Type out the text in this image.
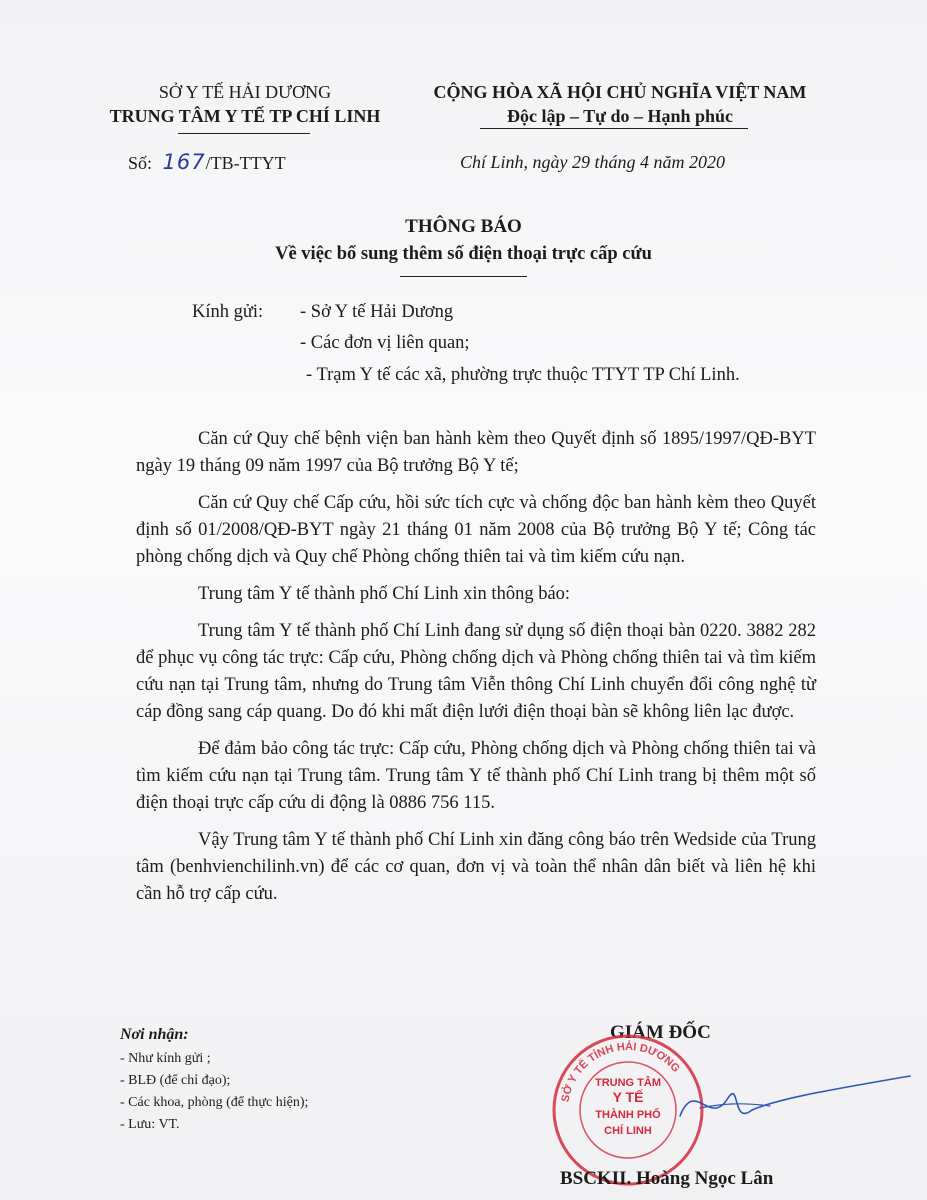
SỞ Y TẾ HẢI DƯƠNG
TRUNG TÂM Y TẾ TP CHÍ LINH
Số: 167/TB-TTYT
CỘNG HÒA XÃ HỘI CHỦ NGHĨA VIỆT NAM
Độc lập – Tự do – Hạnh phúc
Chí Linh, ngày 29 tháng 4 năm 2020
THÔNG BÁO
Về việc bổ sung thêm số điện thoại trực cấp cứu
Kính gửi: - Sở Y tế Hải Dương
- Các đơn vị liên quan;
- Trạm Y tế các xã, phường trực thuộc TTYT TP Chí Linh.

Căn cứ Quy chế bệnh viện ban hành kèm theo Quyết định số 1895/1997/QĐ-BYT ngày 19 tháng 09 năm 1997 của Bộ trưởng Bộ Y tế;

Căn cứ Quy chế Cấp cứu, hồi sức tích cực và chống độc ban hành kèm theo Quyết định số 01/2008/QĐ-BYT ngày 21 tháng 01 năm 2008 của Bộ trưởng Bộ Y tế; Công tác phòng chống dịch và Quy chế Phòng chống thiên tai và tìm kiếm cứu nạn.

Trung tâm Y tế thành phố Chí Linh xin thông báo:

Trung tâm Y tế thành phố Chí Linh đang sử dụng số điện thoại bàn 0220. 3882 282 để phục vụ công tác trực: Cấp cứu, Phòng chống dịch và Phòng chống thiên tai và tìm kiếm cứu nạn tại Trung tâm, nhưng do Trung tâm Viễn thông Chí Linh chuyển đổi công nghệ từ cáp đồng sang cáp quang. Do đó khi mất điện lưới điện thoại bàn sẽ không liên lạc được.

Để đảm bảo công tác trực: Cấp cứu, Phòng chống dịch và Phòng chống thiên tai và tìm kiếm cứu nạn tại Trung tâm. Trung tâm Y tế thành phố Chí Linh trang bị thêm một số điện thoại trực cấp cứu di động là 0886 756 115.

Vậy Trung tâm Y tế thành phố Chí Linh xin đăng công báo trên Wedside của Trung tâm (benhvienchilinh.vn) để các cơ quan, đơn vị và toàn thể nhân dân biết và liên hệ khi cần hỗ trợ cấp cứu.

Nơi nhận:
- Như kính gửi ;
- BLĐ (để chỉ đạo);
- Các khoa, phòng (để thực hiện);
- Lưu: VT.
GIÁM ĐỐC
SỞ Y TẾ TỈNH HẢI DƯƠNG
TRUNG TÂM
Y TẾ
THÀNH PHỐ
CHÍ LINH
BSCKII. Hoàng Ngọc Lân
